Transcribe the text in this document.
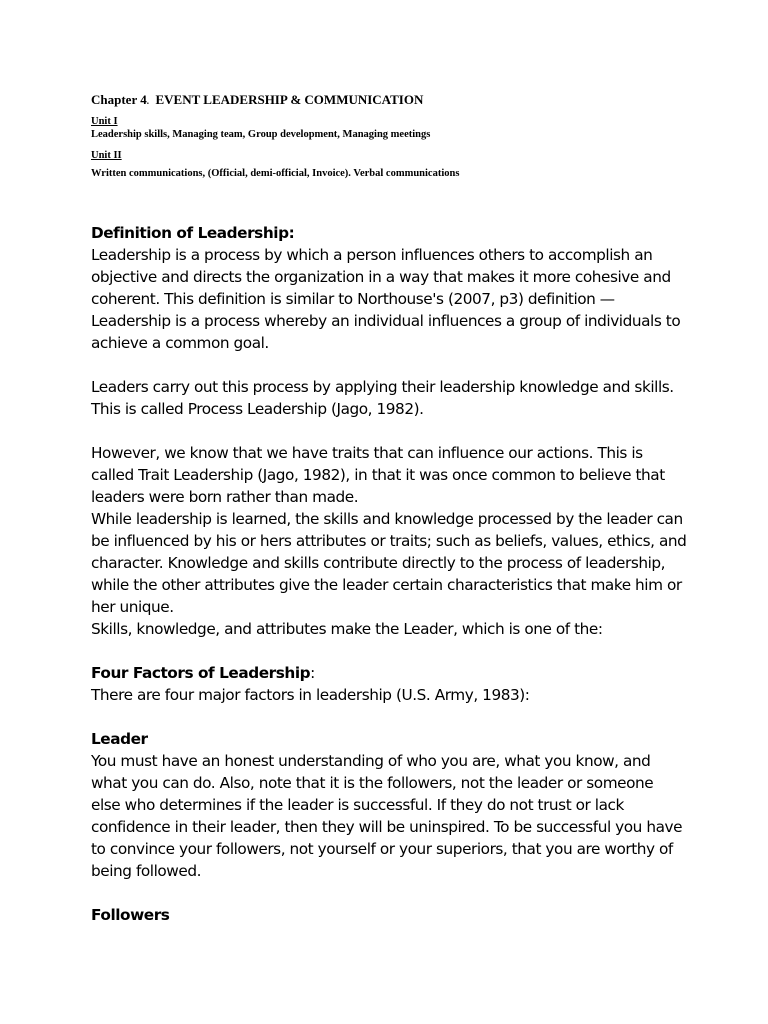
Chapter 4. EVENT LEADERSHIP & COMMUNICATION

Unit I

Leadership skills, Managing team, Group development, Managing meetings

Unit II

Written communications, (Official, demi-official, Invoice). Verbal communications

Definition of Leadership:

Leadership is a process by which a person influences others to accomplish an

objective and directs the organization in a way that makes it more cohesive and

coherent. This definition is similar to Northouse's (2007, p3) definition —

Leadership is a process whereby an individual influences a group of individuals to

achieve a common goal.

Leaders carry out this process by applying their leadership knowledge and skills.

This is called Process Leadership (Jago, 1982).

However, we know that we have traits that can influence our actions. This is

called Trait Leadership (Jago, 1982), in that it was once common to believe that

leaders were born rather than made.

While leadership is learned, the skills and knowledge processed by the leader can

be influenced by his or hers attributes or traits; such as beliefs, values, ethics, and

character. Knowledge and skills contribute directly to the process of leadership,

while the other attributes give the leader certain characteristics that make him or

her unique.

Skills, knowledge, and attributes make the Leader, which is one of the:

Four Factors of Leadership:

There are four major factors in leadership (U.S. Army, 1983):

Leader

You must have an honest understanding of who you are, what you know, and

what you can do. Also, note that it is the followers, not the leader or someone

else who determines if the leader is successful. If they do not trust or lack

confidence in their leader, then they will be uninspired. To be successful you have

to convince your followers, not yourself or your superiors, that you are worthy of

being followed.

Followers
